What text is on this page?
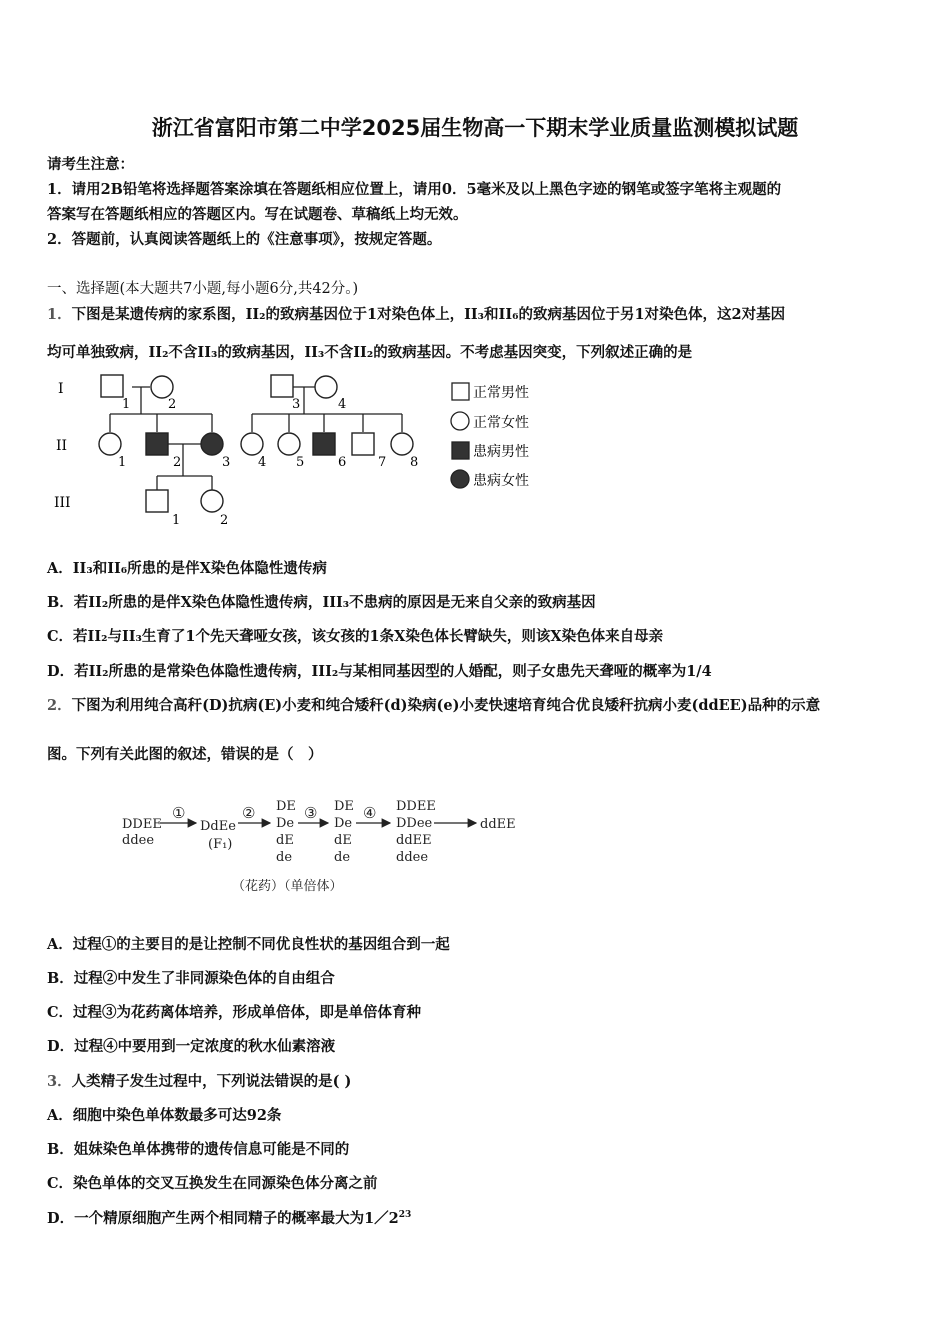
浙江省富阳市第二中学2025届生物高一下期末学业质量监测模拟试题
请考生注意：
1．请用2B铅笔将选择题答案涂填在答题纸相应位置上，请用0．5毫米及以上黑色字迹的钢笔或签字笔将主观题的
答案写在答题纸相应的答题区内。写在试题卷、草稿纸上均无效。
2．答题前，认真阅读答题纸上的《注意事项》，按规定答题。
一、选择题(本大题共7小题,每小题6分,共42分。)
1．下图是某遗传病的家系图，II₂的致病基因位于1对染色体上，II₃和II₆的致病基因位于另1对染色体，这2对基因
均可单独致病，II₂不含II₃的致病基因，II₃不含II₂的致病基因。不考虑基因突变，下列叙述正确的是
I
II
III
1	2	3	4
1	2	3 4 5	6 7 8
1	2
正常男性
正常女性
患病男性
患病女性
A．II₃和II₆所患的是伴X染色体隐性遗传病
B．若II₂所患的是伴X染色体隐性遗传病，III₃不患病的原因是无来自父亲的致病基因
C．若II₂与II₃生育了1个先天聋哑女孩，该女孩的1条X染色体长臂缺失，则该X染色体来自母亲
D．若II₂所患的是常染色体隐性遗传病，III₂与某相同基因型的人婚配，则子女患先天聋哑的概率为1/4
2．下图为利用纯合高秆(D)抗病(E)小麦和纯合矮秆(d)染病(e)小麦快速培育纯合优良矮秆抗病小麦(ddEE)品种的示意
图。下列有关此图的叙述，错误的是（　）
DDEE
ddee
①
DdEe
(F₁)
② DE
De
dE
de
③ DE
De
dE
de
④ DDEE
DDee
ddEE
ddee
ddEE
（花药）（单倍体）
A．过程①的主要目的是让控制不同优良性状的基因组合到一起
B．过程②中发生了非同源染色体的自由组合
C．过程③为花药离体培养，形成单倍体，即是单倍体育种
D．过程④中要用到一定浓度的秋水仙素溶液
3．人类精子发生过程中，下列说法错误的是( )
A．细胞中染色单体数最多可达92条
B．姐妹染色单体携带的遗传信息可能是不同的
C．染色单体的交叉互换发生在同源染色体分离之前
D．一个精原细胞产生两个相同精子的概率最大为$1/2^{23}$
